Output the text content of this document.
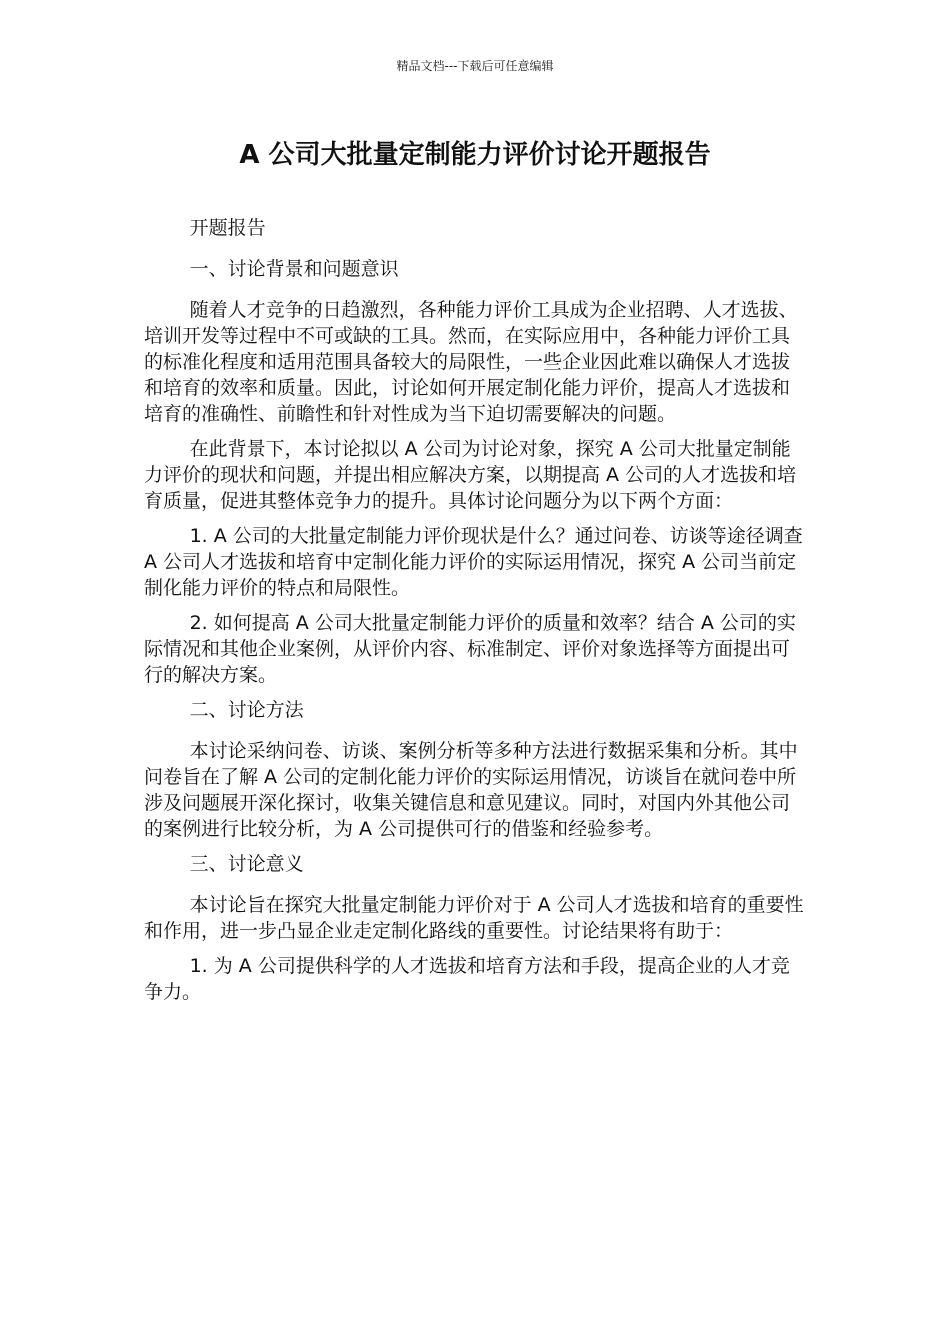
精品文档---下载后可任意编辑
A 公司大批量定制能力评价讨论开题报告

开题报告

一、讨论背景和问题意识

随着人才竞争的日趋激烈，各种能力评价工具成为企业招聘、人才选拔、培训开发等过程中不可或缺的工具。然而，在实际应用中，各种能力评价工具的标准化程度和适用范围具备较大的局限性，一些企业因此难以确保人才选拔和培育的效率和质量。因此，讨论如何开展定制化能力评价，提高人才选拔和培育的准确性、前瞻性和针对性成为当下迫切需要解决的问题。

在此背景下，本讨论拟以 A 公司为讨论对象，探究 A 公司大批量定制能力评价的现状和问题，并提出相应解决方案，以期提高 A 公司的人才选拔和培育质量，促进其整体竞争力的提升。具体讨论问题分为以下两个方面：

1. A 公司的大批量定制能力评价现状是什么？通过问卷、访谈等途径调查 A 公司人才选拔和培育中定制化能力评价的实际运用情况，探究 A 公司当前定制化能力评价的特点和局限性。

2. 如何提高 A 公司大批量定制能力评价的质量和效率？结合 A 公司的实际情况和其他企业案例，从评价内容、标准制定、评价对象选择等方面提出可行的解决方案。

二、讨论方法

本讨论采纳问卷、访谈、案例分析等多种方法进行数据采集和分析。其中问卷旨在了解 A 公司的定制化能力评价的实际运用情况，访谈旨在就问卷中所涉及问题展开深化探讨，收集关键信息和意见建议。同时，对国内外其他公司的案例进行比较分析，为 A 公司提供可行的借鉴和经验参考。

三、讨论意义

本讨论旨在探究大批量定制能力评价对于 A 公司人才选拔和培育的重要性和作用，进一步凸显企业走定制化路线的重要性。讨论结果将有助于：

1. 为 A 公司提供科学的人才选拔和培育方法和手段，提高企业的人才竞争力。
